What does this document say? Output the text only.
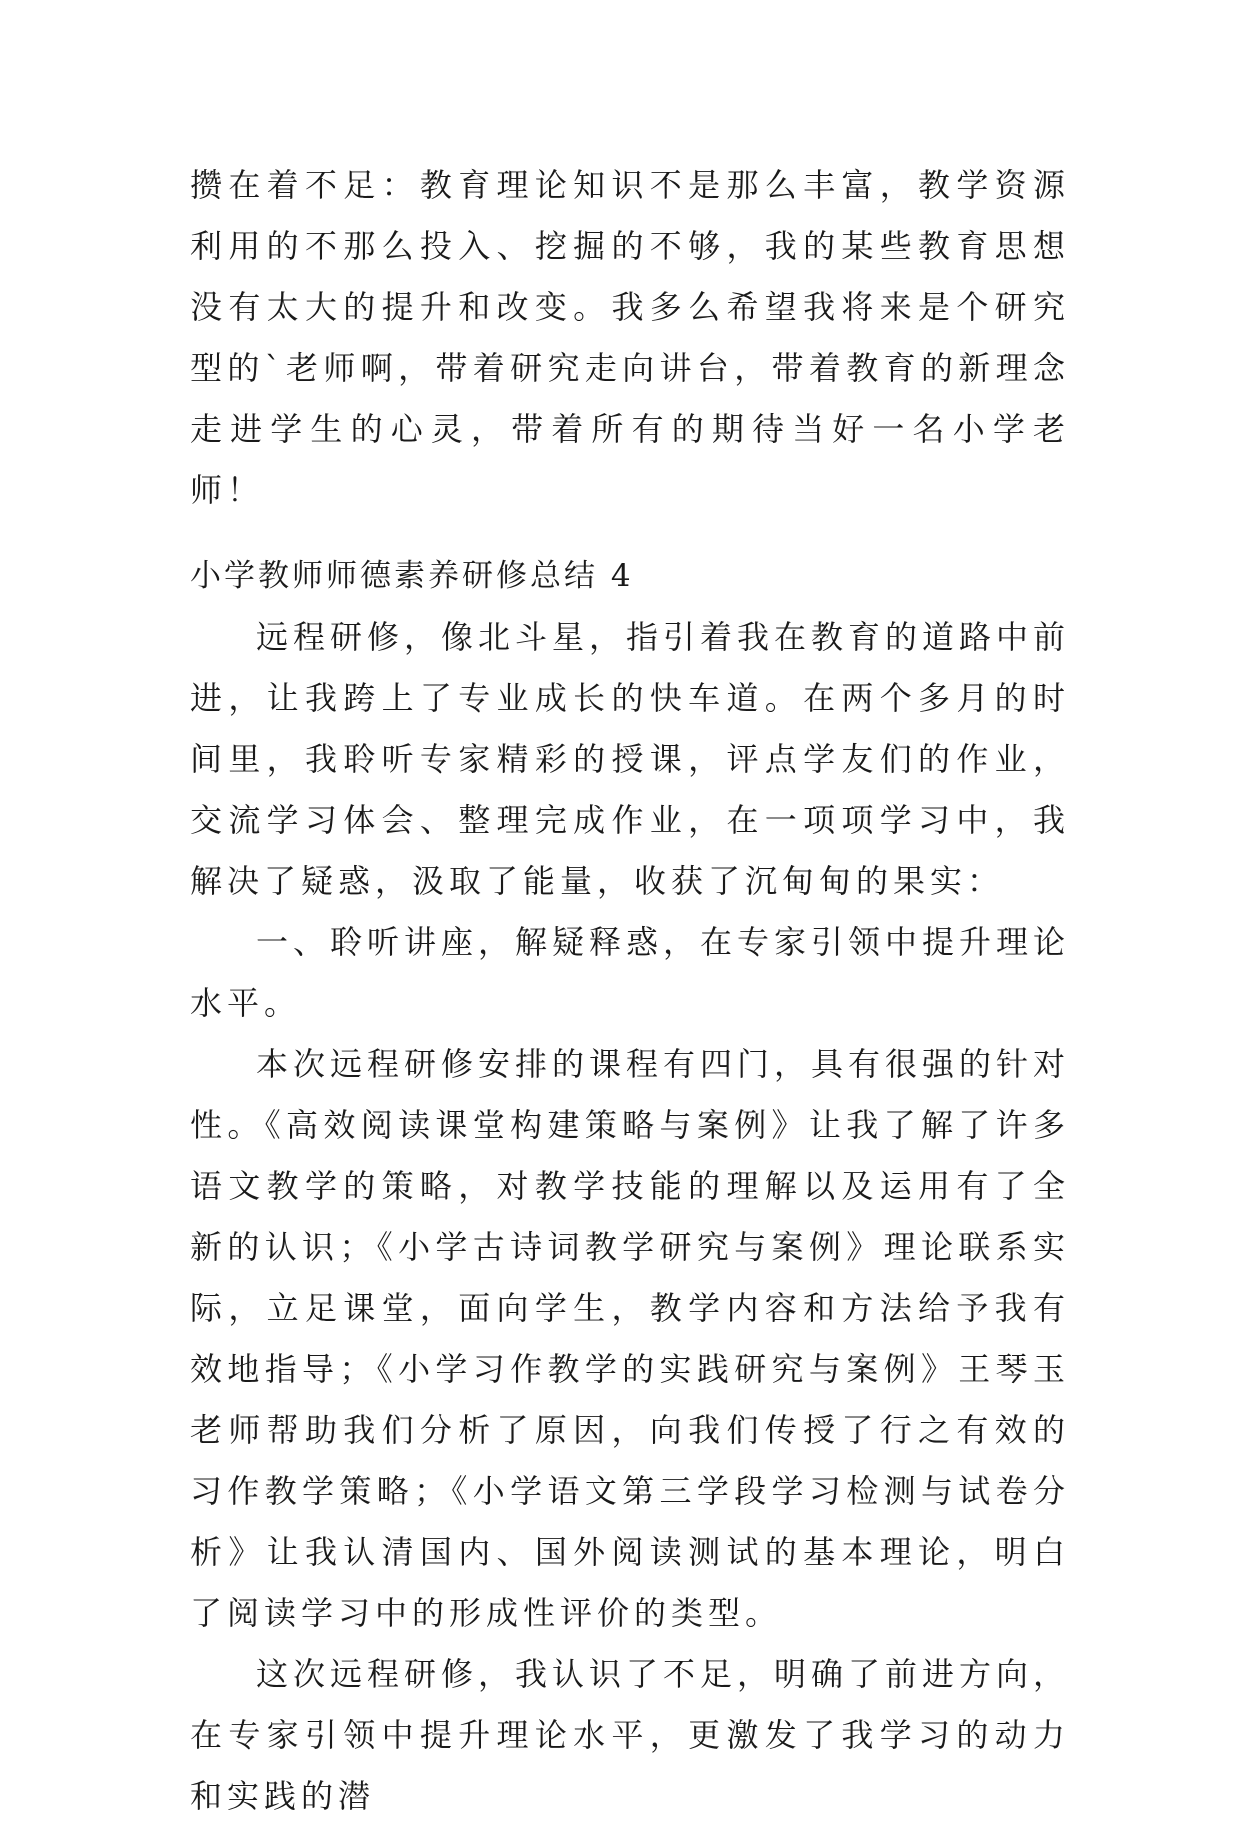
攒在着不足：教育理论知识不是那么丰富，教学资源利用的不那么投入、挖掘的不够，我的某些教育思想没有太大的提升和改变。我多么希望我将来是个研究型的`老师啊，带着研究走向讲台，带着教育的新理念走进学生的心灵，带着所有的期待当好一名小学老师！

小学教师师德素养研修总结 4

远程研修，像北斗星，指引着我在教育的道路中前进，让我跨上了专业成长的快车道。在两个多月的时间里，我聆听专家精彩的授课，评点学友们的作业，交流学习体会、整理完成作业，在一项项学习中，我解决了疑惑，汲取了能量，收获了沉甸甸的果实：

一、聆听讲座，解疑释惑，在专家引领中提升理论水平。

本次远程研修安排的课程有四门，具有很强的针对性。《高效阅读课堂构建策略与案例》让我了解了许多语文教学的策略，对教学技能的理解以及运用有了全新的认识；《小学古诗词教学研究与案例》理论联系实际，立足课堂，面向学生，教学内容和方法给予我有效地指导；《小学习作教学的实践研究与案例》王琴玉老师帮助我们分析了原因，向我们传授了行之有效的习作教学策略；《小学语文第三学段学习检测与试卷分析》让我认清国内、国外阅读测试的基本理论，明白了阅读学习中的形成性评价的类型。

这次远程研修，我认识了不足，明确了前进方向，在专家引领中提升理论水平，更激发了我学习的动力和实践的潜
